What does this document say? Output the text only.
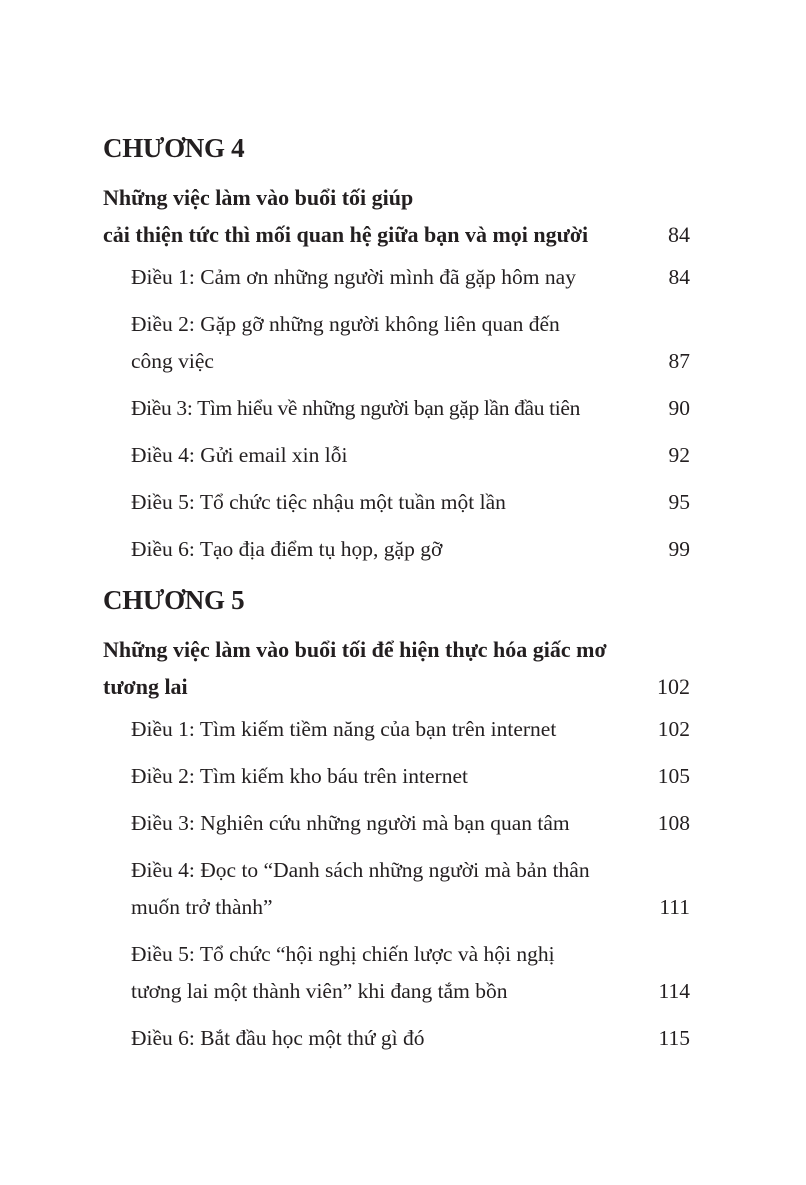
CHƯƠNG 4
Những việc làm vào buổi tối giúp
cải thiện tức thì mối quan hệ giữa bạn và mọi người	84
Điều 1: Cảm ơn những người mình đã gặp hôm nay	84
Điều 2: Gặp gỡ những người không liên quan đến công việc	87
Điều 3: Tìm hiểu về những người bạn gặp lần đầu tiên	90
Điều 4: Gửi email xin lỗi	92
Điều 5: Tổ chức tiệc nhậu một tuần một lần	95
Điều 6: Tạo địa điểm tụ họp, gặp gỡ	99
CHƯƠNG 5
Những việc làm vào buổi tối để hiện thực hóa giấc mơ tương lai	102
Điều 1: Tìm kiếm tiềm năng của bạn trên internet	102
Điều 2: Tìm kiếm kho báu trên internet	105
Điều 3: Nghiên cứu những người mà bạn quan tâm	108
Điều 4: Đọc to “Danh sách những người mà bản thân muốn trở thành”	111
Điều 5: Tổ chức “hội nghị chiến lược và hội nghị tương lai một thành viên” khi đang tắm bồn	114
Điều 6: Bắt đầu học một thứ gì đó	115
